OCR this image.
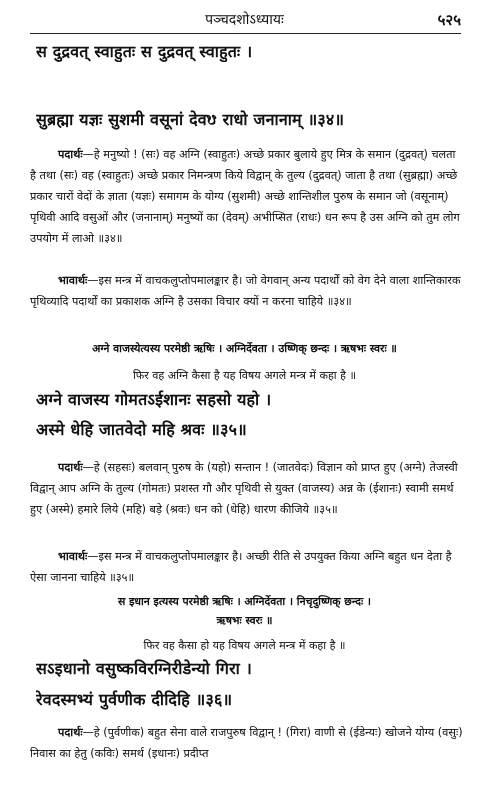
पञ्चदशोऽध्यायः	५२५
स दुद्रवत् स्वाहुतः स दुद्रवत् स्वाहुतः ।
सुब्रह्मा यज्ञः सुशमी वसूनां देवᳪ राधो जनानाम् ॥३४॥
पदार्थः—हे मनुष्यो ! (सः) वह अग्नि (स्वाहुतः) अच्छे प्रकार बुलाये हुए मित्र के समान (दुद्रवत्) चलता है तथा (सः) वह (स्वाहुतः) अच्छे प्रकार निमन्त्रण किये विद्वान् के तुल्य (दुद्रवत्) जाता है तथा (सुब्रह्मा) अच्छे प्रकार चारों वेदों के ज्ञाता (यज्ञः) समागम के योग्य (सुशमी) अच्छे शान्तिशील पुरुष के समान जो (वसूनाम्) पृथिवी आदि वसुओं और (जनानाम्) मनुष्यों का (देवम्) अभीप्सित (राधः) धन रूप है उस अग्नि को तुम लोग उपयोग में लाओ ॥३४॥
भावार्थः—इस मन्त्र में वाचकलुप्तोपमालङ्कार है। जो वेगवान् अन्य पदार्थों को वेग देने वाला शान्तिकारक पृथिव्यादि पदार्थों का प्रकाशक अग्नि है उसका विचार क्यों न करना चाहिये ॥३४॥
अग्ने वाजस्येत्यस्य परमेष्ठी ऋषिः । अग्निर्देवता । उष्णिक् छन्दः । ऋषभः स्वरः ॥
फिर वह अग्नि कैसा है यह विषय अगले मन्त्र में कहा है ॥
अग्ने वाजस्य गोमतऽईशानः सहसो यहो ।
अस्मे धेहि जातवेदो महि श्रवः ॥३५॥
पदार्थः—हे (सहसः) बलवान् पुरुष के (यहो) सन्तान ! (जातवेदः) विज्ञान को प्राप्त हुए (अग्ने) तेजस्वी विद्वान् आप अग्नि के तुल्य (गोमतः) प्रशस्त गौ और पृथिवी से युक्त (वाजस्य) अन्न के (ईशानः) स्वामी समर्थ हुए (अस्मे) हमारे लिये (महि) बड़े (श्रवः) धन को (धेहि) धारण कीजिये ॥३५॥
भावार्थः—इस मन्त्र में वाचकलुप्तोपमालङ्कार है। अच्छी रीति से उपयुक्त किया अग्नि बहुत धन देता है ऐसा जानना चाहिये ॥३५॥
स इधान इत्यस्य परमेष्ठी ऋषिः । अग्निर्देवता । निचृदुष्णिक् छन्दः ।
ऋषभः स्वरः ॥
फिर वह कैसा हो यह विषय अगले मन्त्र में कहा है ॥
सऽइधानो वसुष्कविरग्निरीडेन्यो गिरा ।
रेवदस्मभ्यं पुर्वणीक दीदिहि ॥३६॥
पदार्थः—हे (पुर्वणीक) बहुत सेना वाले राजपुरुष विद्वान् ! (गिरा) वाणी से (ईडेन्यः) खोजने योग्य (वसुः) निवास का हेतु (कविः) समर्थ (इधानः) प्रदीप्त
